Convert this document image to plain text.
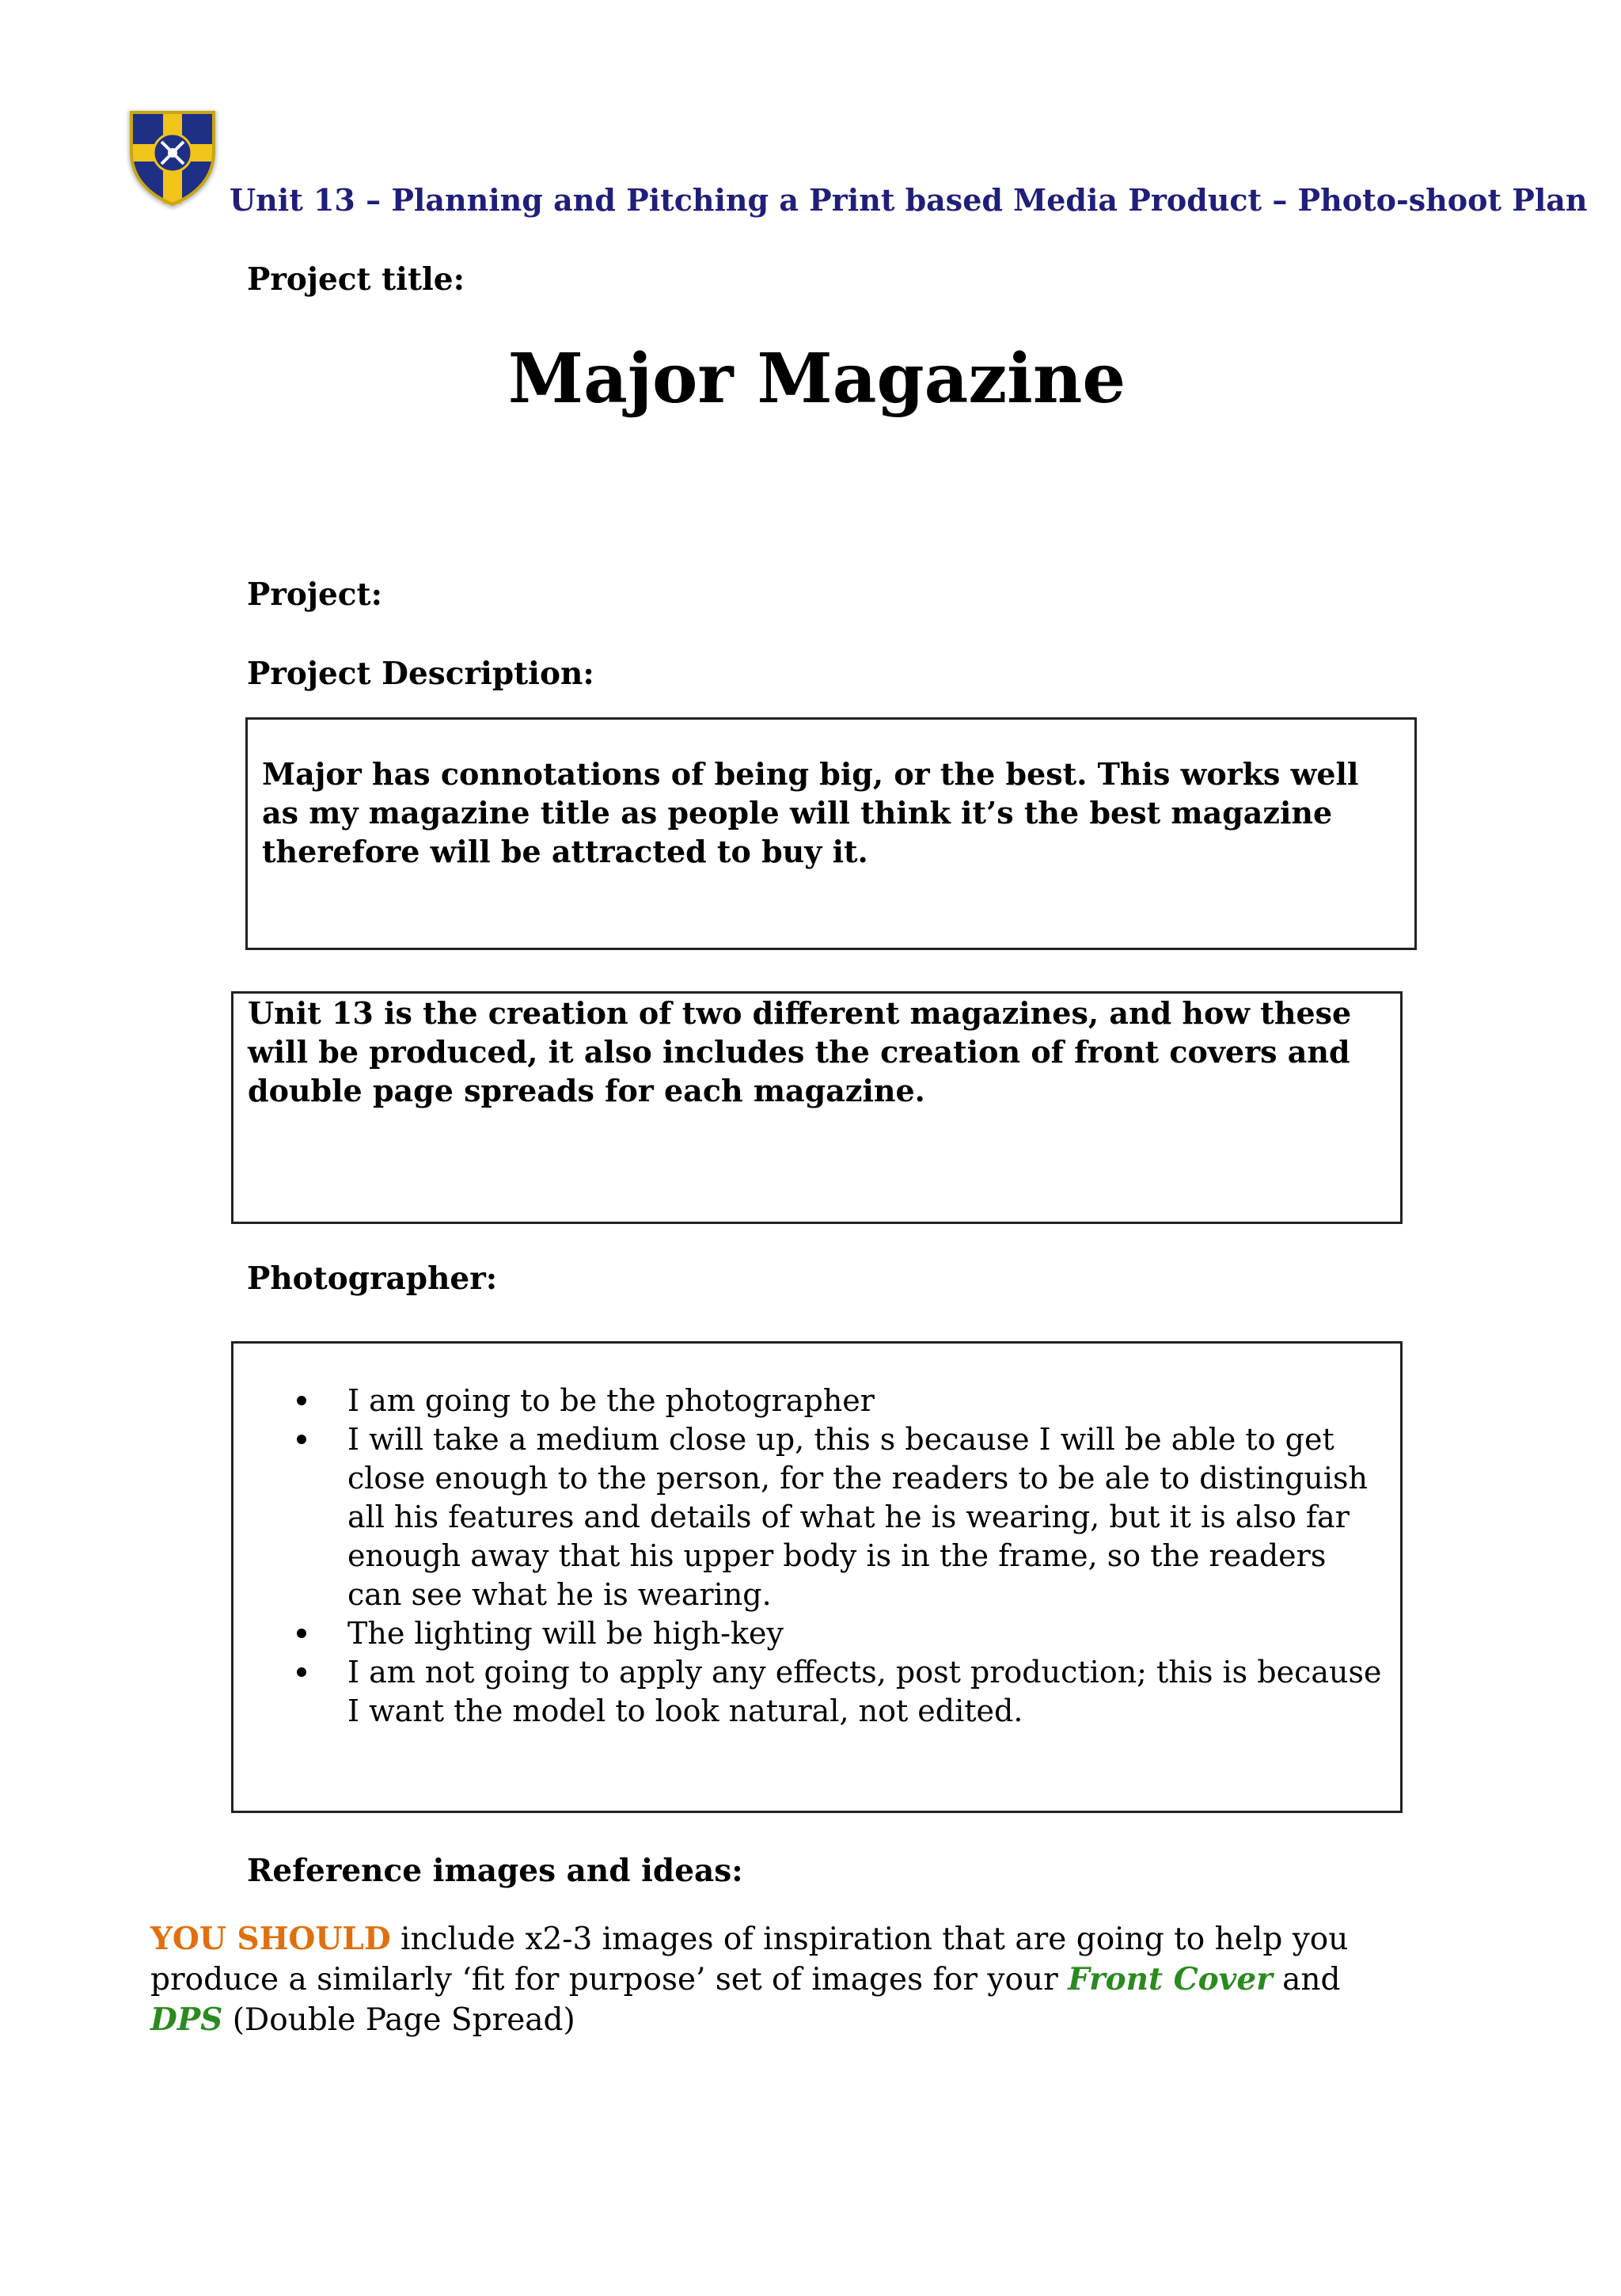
Unit 13 – Planning and Pitching a Print based Media Product – Photo-shoot Plan
Project title:
Major Magazine
Project:
Project Description:
Major has connotations of being big, or the best. This works well as my magazine title as people will think it’s the best magazine therefore will be attracted to buy it.
Unit 13 is the creation of two different magazines, and how these will be produced, it also includes the creation of front covers and double page spreads for each magazine.
Photographer:
I am going to be the photographer
I will take a medium close up, this s because I will be able to get close enough to the person, for the readers to be ale to distinguish all his features and details of what he is wearing, but it is also far enough away that his upper body is in the frame, so the readers can see what he is wearing.
The lighting will be high-key
I am not going to apply any effects, post production; this is because I want the model to look natural, not edited.
Reference images and ideas:
YOU SHOULD include x2-3 images of inspiration that are going to help you produce a similarly ‘fit for purpose’ set of images for your Front Cover and DPS (Double Page Spread)
